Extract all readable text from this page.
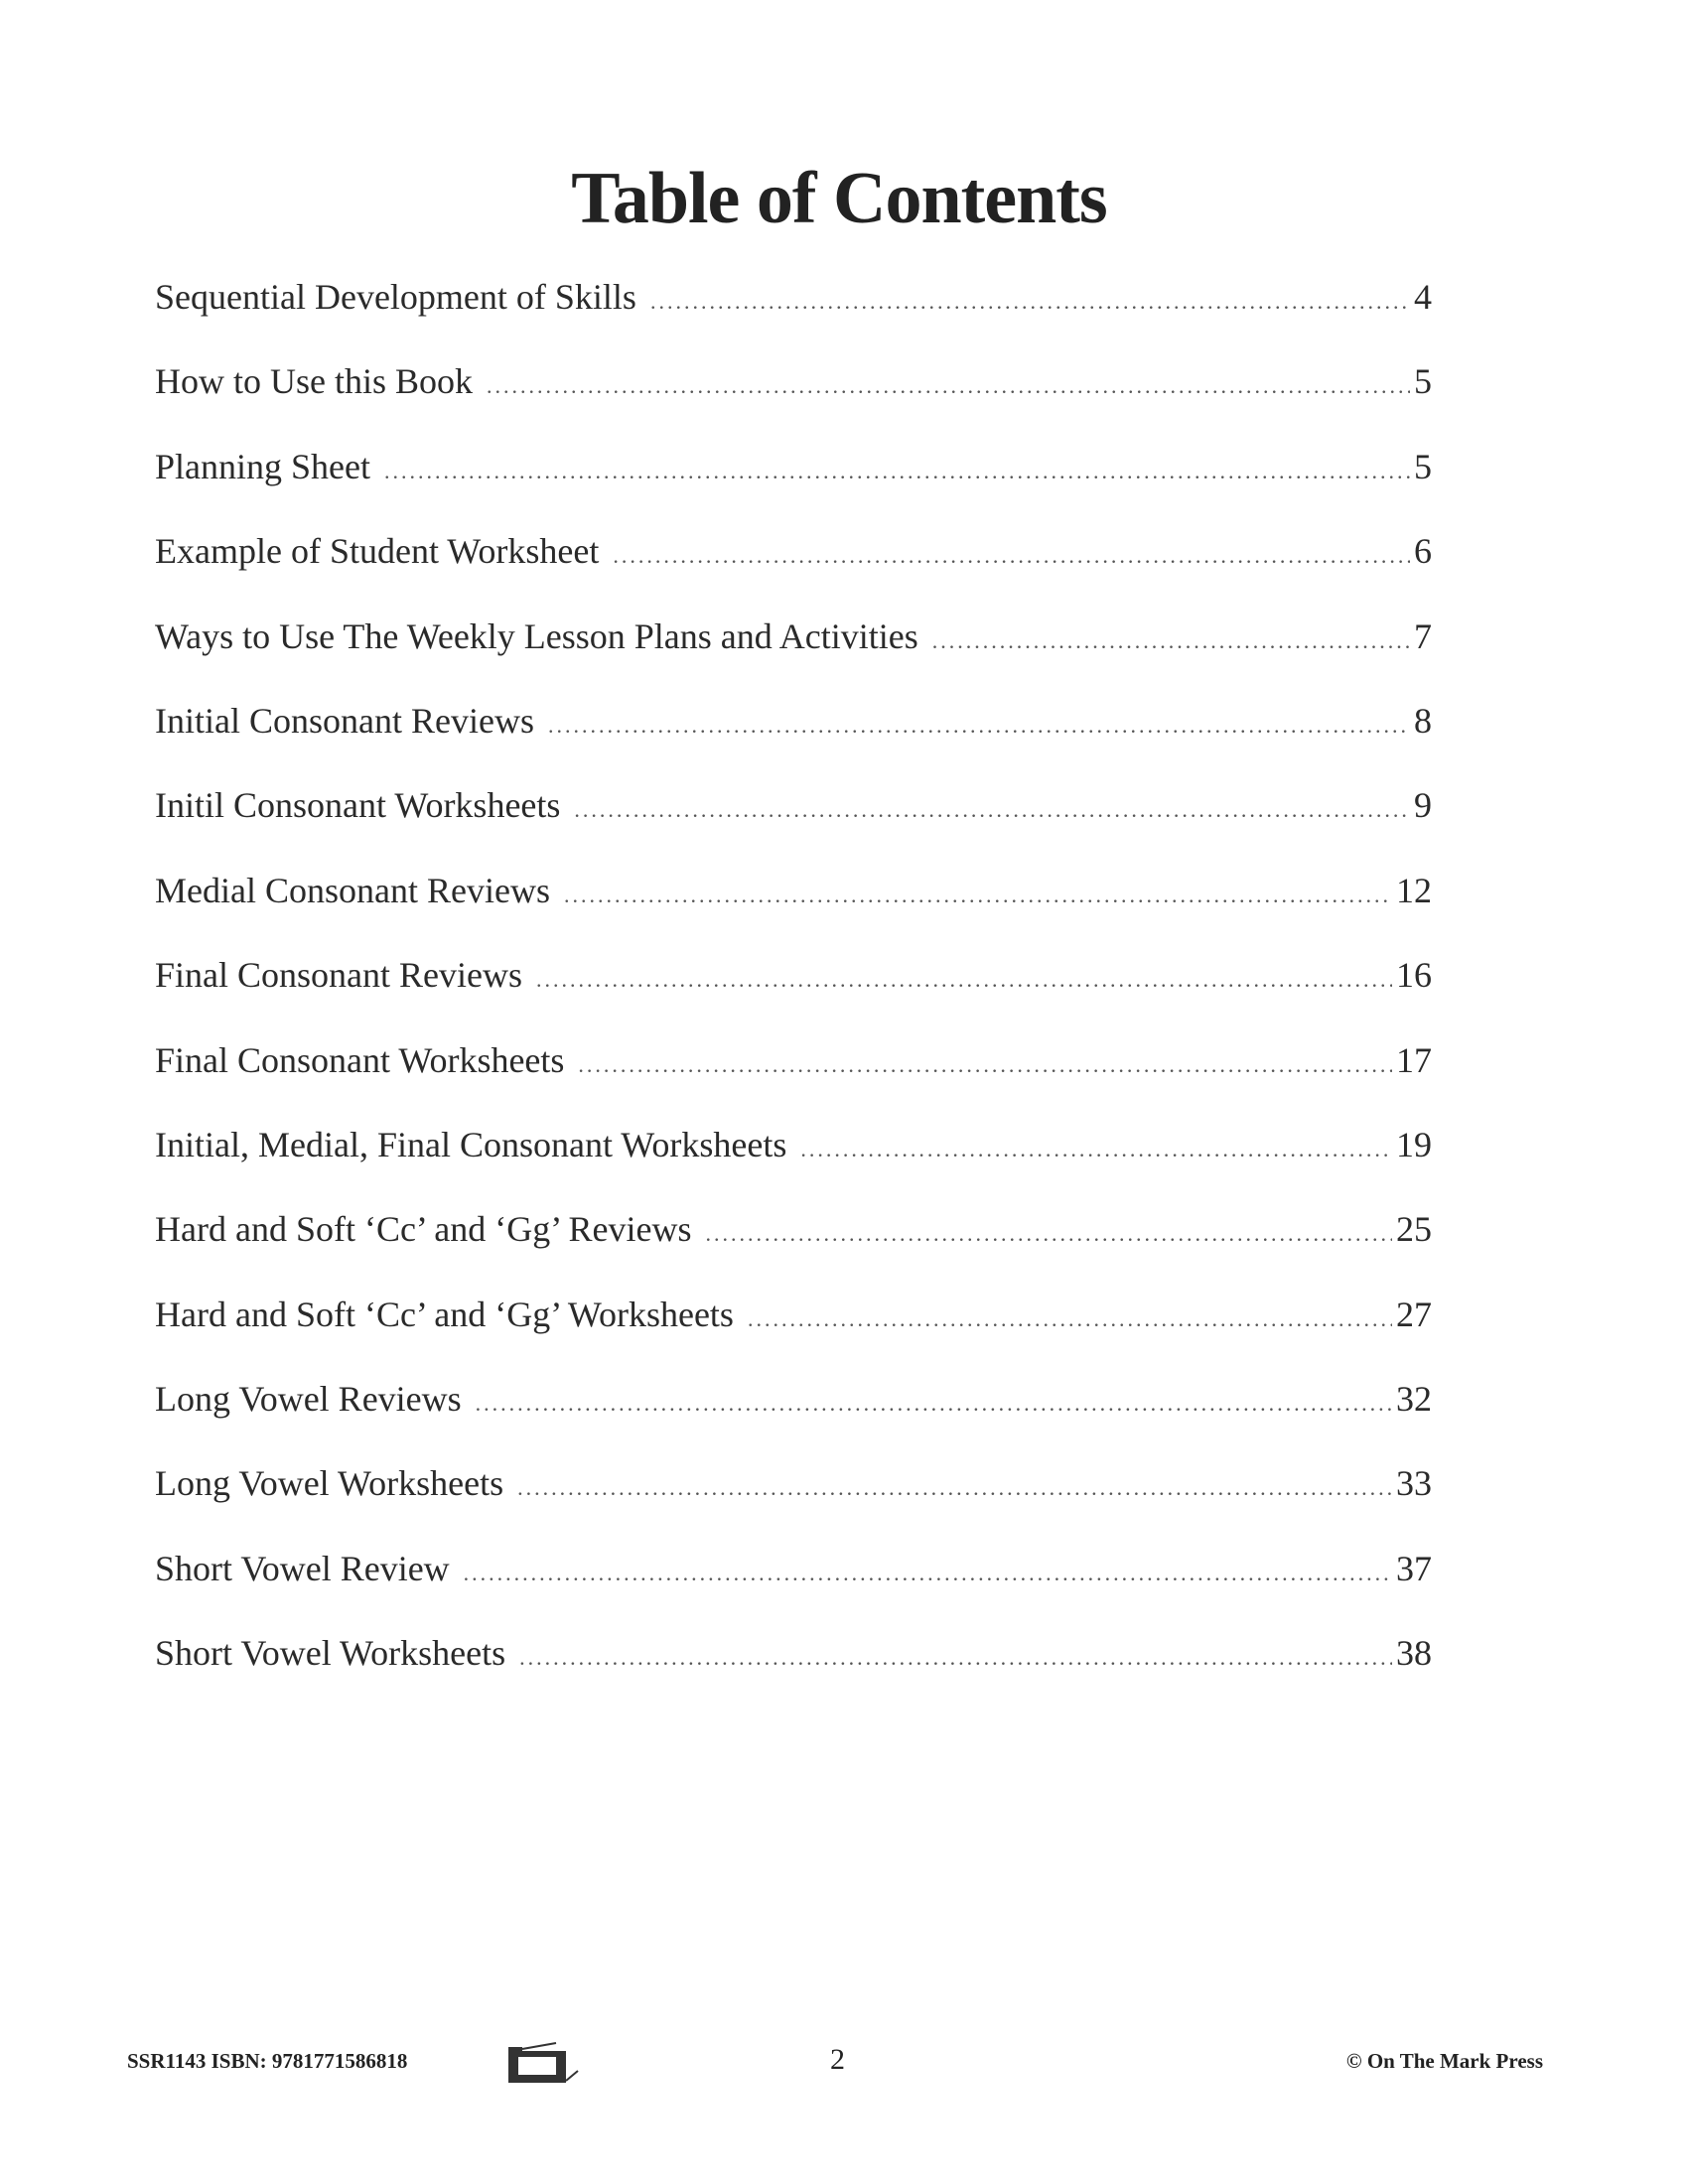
Table of Contents
Sequential Development of Skills .....	4
How to Use this Book .....	5
Planning Sheet .....	5
Example of Student Worksheet .....	6
Ways to Use The Weekly Lesson Plans and Activities .....	7
Initial Consonant Reviews .....	8
Initil Consonant Worksheets .....	9
Medial Consonant Reviews .....	12
Final Consonant Reviews .....	16
Final Consonant Worksheets .....	17
Initial, Medial, Final Consonant Worksheets .....	19
Hard and Soft ‘Cc’ and ‘Gg’ Reviews .....	25
Hard and Soft ‘Cc’ and ‘Gg’ Worksheets .....	27
Long Vowel Reviews .....	32
Long Vowel Worksheets .....	33
Short Vowel Review .....	37
Short Vowel Worksheets .....	38
SSR1143 ISBN: 9781771586818	2	© On The Mark Press
